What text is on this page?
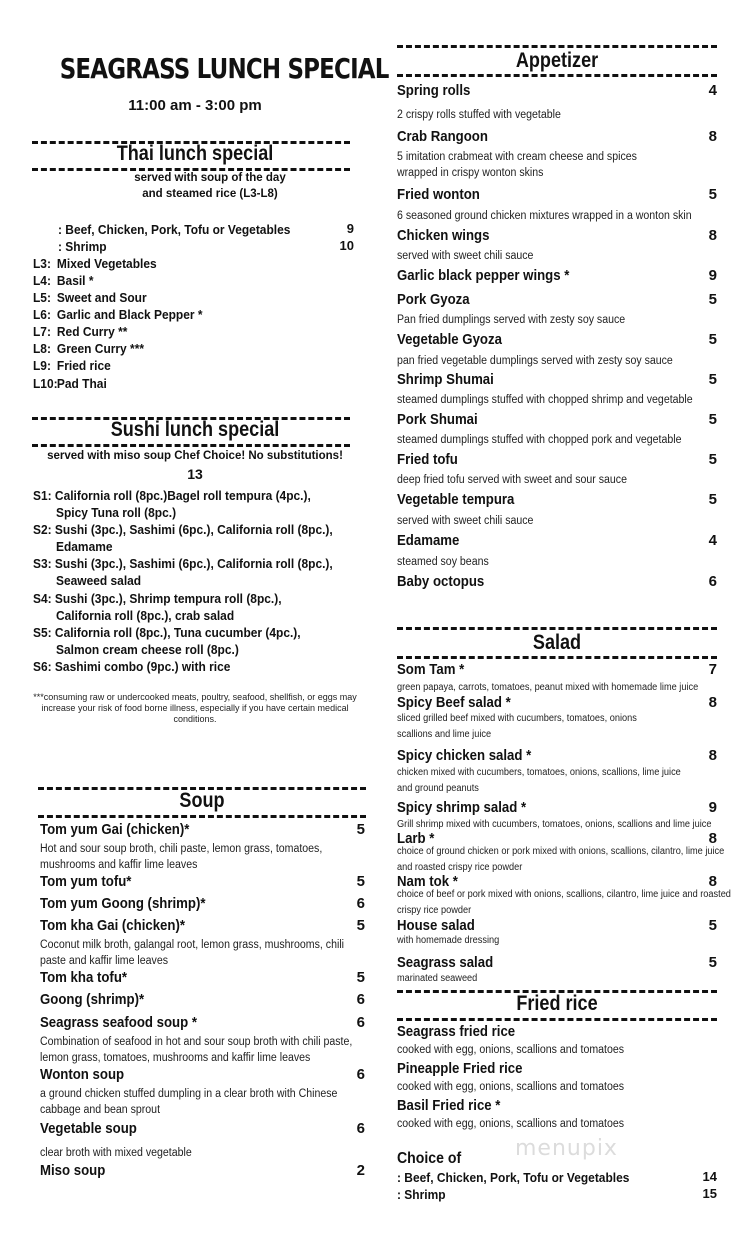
SEAGRASS LUNCH SPECIAL
11:00 am - 3:00 pm
Thai lunch special
served with soup of the day
and steamed rice (L3-L8)
: Beef, Chicken, Pork, Tofu or Vegetables	9
: Shrimp	10
L3: Mixed Vegetables
L4: Basil *
L5: Sweet and Sour
L6: Garlic and Black Pepper *
L7: Red Curry **
L8: Green Curry ***
L9: Fried rice
L10:Pad Thai
Sushi lunch special
served with miso soup Chef Choice! No substitutions!
13
S1: California roll (8pc.)Bagel roll tempura (4pc.),
Spicy Tuna roll (8pc.)
S2: Sushi (3pc.), Sashimi (6pc.), California roll (8pc.),
Edamame
S3: Sushi (3pc.), Sashimi (6pc.), California roll (8pc.),
Seaweed salad
S4: Sushi (3pc.), Shrimp tempura roll (8pc.),
California roll (8pc.), crab salad
S5: California roll (8pc.), Tuna cucumber (4pc.),
Salmon cream cheese roll (8pc.)
S6: Sashimi combo (9pc.) with rice
***consuming raw or undercooked meats, poultry, seafood, shellfish, or eggs may
increase your risk of food borne illness, especially if you have certain medical
conditions.
Soup
Tom yum Gai (chicken)*	5
Hot and sour soup broth, chili paste, lemon grass, tomatoes,
mushrooms and kaffir lime leaves
Tom yum tofu*	5
Tom yum Goong (shrimp)*	6
Tom kha Gai (chicken)*	5
Coconut milk broth, galangal root, lemon grass, mushrooms, chili
paste and kaffir lime leaves
Tom kha tofu*	5
Goong (shrimp)*	6
Seagrass seafood soup *	6
Combination of seafood in hot and sour soup broth with chili paste,
lemon grass, tomatoes, mushrooms and kaffir lime leaves
Wonton soup	6
a ground chicken stuffed dumpling in a clear broth with Chinese
cabbage and bean sprout
Vegetable soup	6
clear broth with mixed vegetable
Miso soup	2
Appetizer
Spring rolls	4
2 crispy rolls stuffed with vegetable
Crab Rangoon	8
5 imitation crabmeat with cream cheese and spices
wrapped in crispy wonton skins
Fried wonton	5
6 seasoned ground chicken mixtures wrapped in a wonton skin
Chicken wings	8
served with sweet chili sauce
Garlic black pepper wings *	9
Pork Gyoza	5
Pan fried dumplings served with zesty soy sauce
Vegetable Gyoza	5
pan fried vegetable dumplings served with zesty soy sauce
Shrimp Shumai	5
steamed dumplings stuffed with chopped shrimp and vegetable
Pork Shumai	5
steamed dumplings stuffed with chopped pork and vegetable
Fried tofu	5
deep fried tofu served with sweet and sour sauce
Vegetable tempura	5
served with sweet chili sauce
Edamame	4
steamed soy beans
Baby octopus	6
Salad
Som Tam *	7
green papaya, carrots, tomatoes, peanut mixed with homemade lime juice
Spicy Beef salad *	8
sliced grilled beef mixed with cucumbers, tomatoes, onions
scallions and lime juice
Spicy chicken salad *	8
chicken mixed with cucumbers, tomatoes, onions, scallions, lime juice
and ground peanuts
Spicy shrimp salad *	9
Grill shrimp mixed with cucumbers, tomatoes, onions, scallions and lime juice
Larb *	8
choice of ground chicken or pork mixed with onions, scallions, cilantro, lime juice
and roasted crispy rice powder
Nam tok *	8
choice of beef or pork mixed with onions, scallions, cilantro, lime juice and roasted
crispy rice powder
House salad	5
with homemade dressing
Seagrass salad	5
marinated seaweed
Fried rice
Seagrass fried rice
cooked with egg, onions, scallions and tomatoes
Pineapple Fried rice
cooked with egg, onions, scallions and tomatoes
Basil Fried rice *
cooked with egg, onions, scallions and tomatoes
Choice of
: Beef, Chicken, Pork, Tofu or Vegetables	14
: Shrimp	15
menupix
